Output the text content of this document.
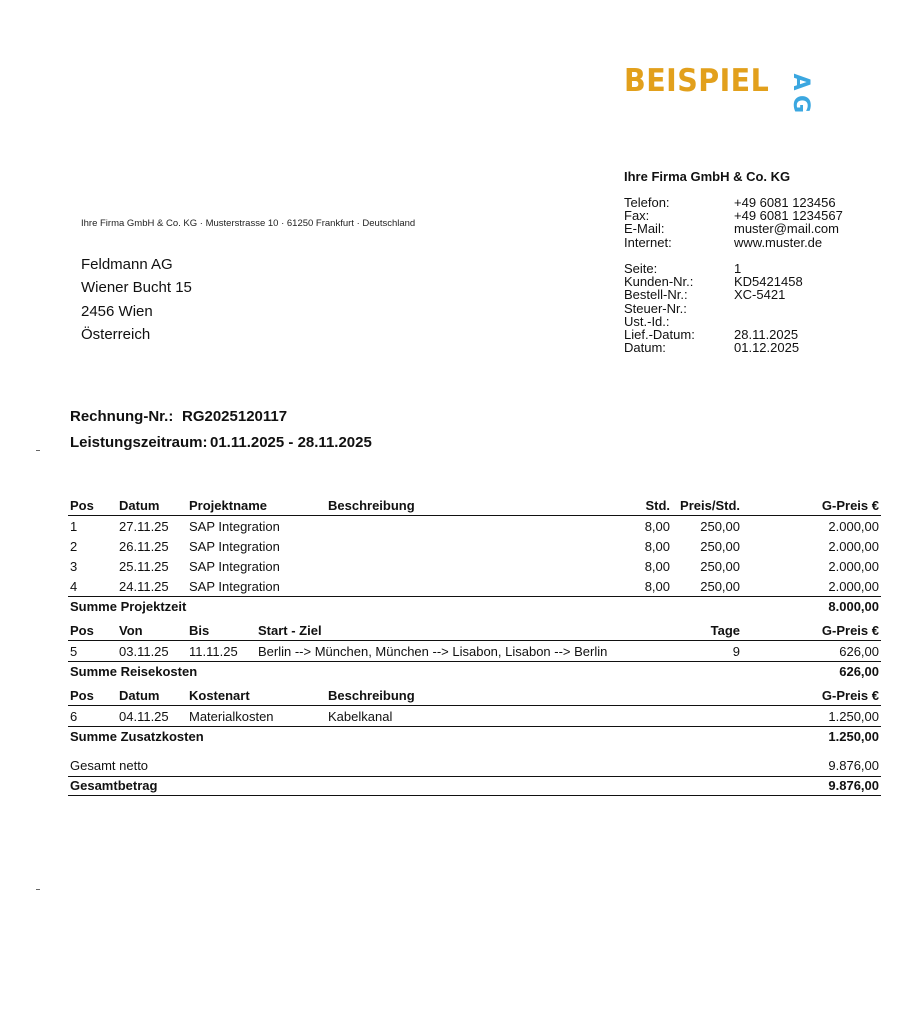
BEISPIEL A
G
Ihre Firma GmbH & Co. KG
Telefon:	+49 6081 123456
Fax:	+49 6081 1234567
E-Mail:	muster@mail.com
Internet:	www.muster.de
Seite:	1
Kunden-Nr.:	KD5421458
Bestell-Nr.:	XC-5421
Steuer-Nr.:
Ust.-Id.:
Lief.-Datum:	28.11.2025
Datum:	01.12.2025
Ihre Firma GmbH & Co. KG · Musterstrasse 10 · 61250 Frankfurt · Deutschland
Feldmann AG
Wiener Bucht 15
2456 Wien
Österreich
Rechnung-Nr.: RG2025120117
Leistungszeitraum: 01.11.2025 - 28.11.2025
Pos Datum Projektname	Beschreibung	Std. Preis/Std.	G-Preis €
1	27.11.25 SAP Integration	8,00 250,00	2.000,00
2	26.11.25 SAP Integration	8,00 250,00	2.000,00
3	25.11.25 SAP Integration	8,00 250,00	2.000,00
4	24.11.25 SAP Integration	8,00 250,00	2.000,00
Summe Projektzeit	8.000,00
Pos Von	Bis	Start - Ziel	Tage	G-Preis €
5	03.11.25 11.11.25 Berlin --> München, München --> Lisabon, Lisabon --> Berlin	9	626,00
Summe Reisekosten	626,00
Pos Datum Kostenart	Beschreibung	G-Preis €
6	04.11.25 Materialkosten	Kabelkanal	1.250,00
Summe Zusatzkosten	1.250,00
Gesamt netto	9.876,00
Gesamtbetrag	9.876,00
